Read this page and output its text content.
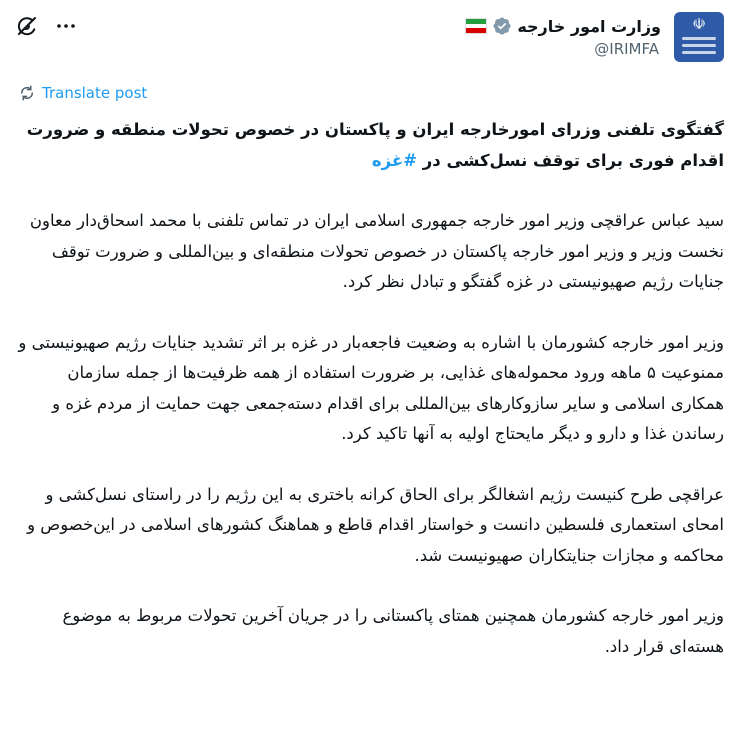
☫
وزارت امور خارجه
@IRIMFA
Translate post

گفتگوی تلفنی وزرای امورخارجه ایران و پاکستان در خصوص تحولات منطقه و ضرورت اقدام فوری برای توقف نسل‌کشی در #غزه

سید عباس عراقچی وزیر امور خارجه جمهوری اسلامی ایران در تماس تلفنی با محمد اسحاق‌دار معاون نخست وزیر و وزیر امور خارجه پاکستان در خصوص تحولات منطقه‌ای و بین‌المللی و ضرورت توقف جنایات رژیم صهیونیستی در غزه گفتگو و تبادل نظر کرد.

وزیر امور خارجه کشورمان با اشاره به وضعیت فاجعه‌بار در غزه بر اثر تشدید جنایات رژیم صهیونیستی و ممنوعیت ۵ ماهه ورود محموله‌های غذایی، بر ضرورت استفاده از همه ظرفیت‌ها از جمله سازمان همکاری اسلامی و سایر سازوکارهای بین‌المللی برای اقدام دسته‌جمعی جهت حمایت از مردم غزه و رساندن غذا و دارو و دیگر مایحتاج اولیه به آنها تاکید کرد.

عراقچی طرح کنیست رژیم اشغالگر برای الحاق کرانه باختری به این رژیم را در راستای نسل‌کشی و امحای استعماری فلسطین دانست و خواستار اقدام قاطع و هماهنگ کشورهای اسلامی در این‌خصوص و محاکمه و مجازات جنایتکاران صهیونیست شد.

وزیر امور خارجه کشورمان همچنین همتای پاکستانی را در جریان آخرین تحولات مربوط به موضوع هسته‌ای قرار داد.
